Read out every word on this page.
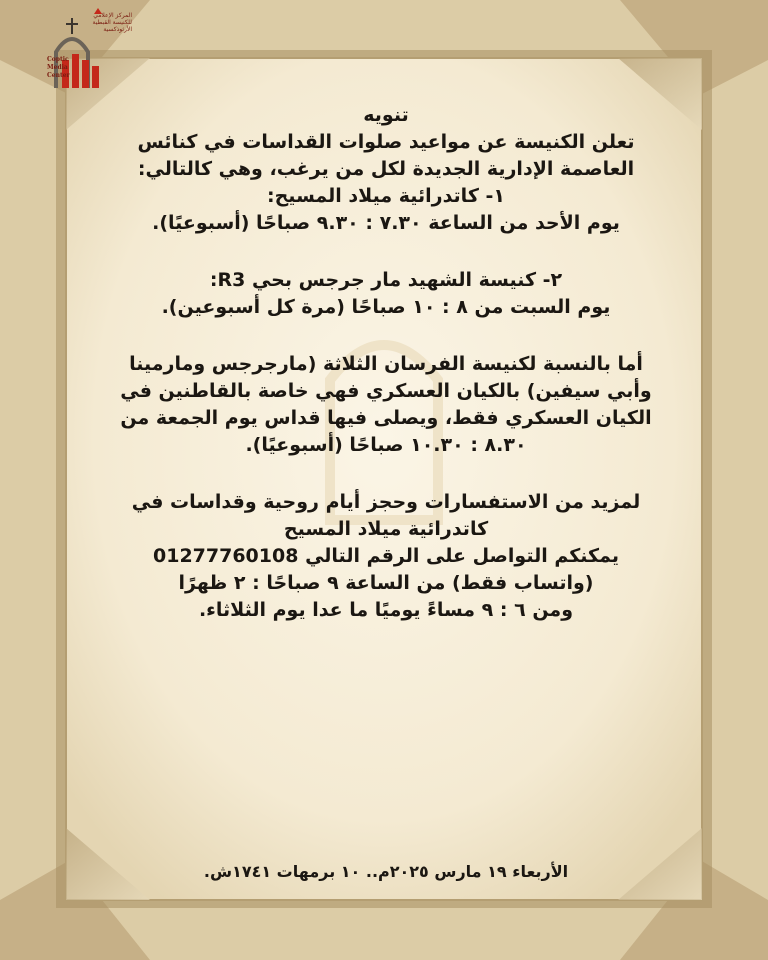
المركز الإعلامي
للكنيسة القبطية الأرثوذكسية
Coptic
Media
Center
تنويه
تعلن الكنيسة عن مواعيد صلوات القداسات في كنائس
العاصمة الإدارية الجديدة لكل من يرغب، وهي كالتالي:
١- كاتدرائية ميلاد المسيح:
يوم الأحد من الساعة ٧.٣٠ : ٩.٣٠ صباحًا (أسبوعيًا).
٢- كنيسة الشهيد مار جرجس بحي R3:
يوم السبت من ٨ : ١٠ صباحًا (مرة كل أسبوعين).
أما بالنسبة لكنيسة الفرسان الثلاثة (مارجرجس ومارمينا
وأبي سيفين) بالكيان العسكري فهي خاصة بالقاطنين في
الكيان العسكري فقط، ويصلى فيها قداس يوم الجمعة من
٨.٣٠ : ١٠.٣٠ صباحًا (أسبوعيًا).
لمزيد من الاستفسارات وحجز أيام روحية وقداسات في
كاتدرائية ميلاد المسيح
يمكنكم التواصل على الرقم التالي 01277760108
(واتساب فقط) من الساعة ٩ صباحًا : ٢ ظهرًا
ومن ٦ : ٩ مساءً يوميًا ما عدا يوم الثلاثاء.
الأربعاء ١٩ مارس ٢٠٢٥م.. ١٠ برمهات ١٧٤١ش.
